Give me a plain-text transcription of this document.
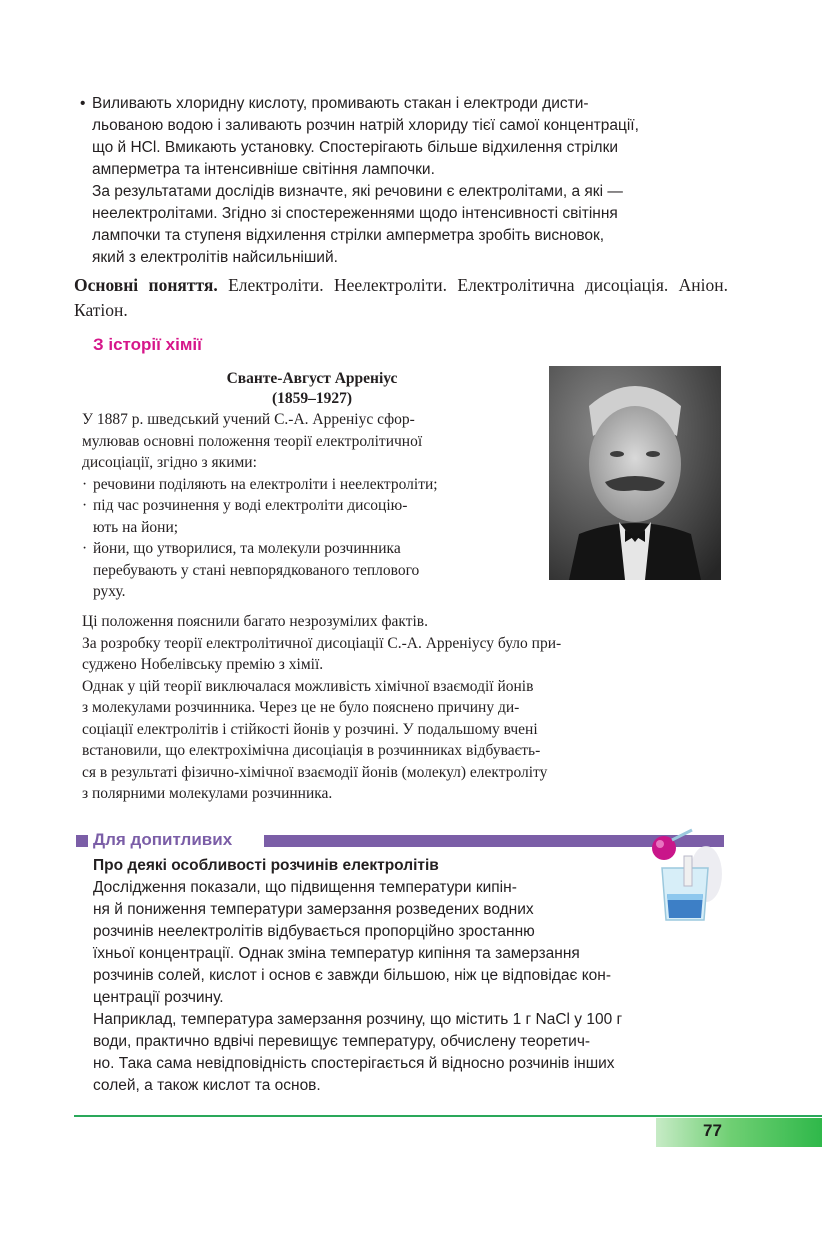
• Виливають хлоридну кислоту, промивають стакан і електроди дисти-
льованою водою і заливають розчин натрій хлориду тієї самої концентрації,
що й HCl. Вмикають установку. Спостерігають більше відхилення стрілки
амперметра та інтенсивніше світіння лампочки.
За результатами дослідів визначте, які речовини є електролітами, а які —
неелектролітами. Згідно зі спостереженнями щодо інтенсивності світіння
лампочки та ступеня відхилення стрілки амперметра зробіть висновок,
який з електролітів найсильніший.
Основні поняття. Електроліти. Неелектроліти. Електролітична дисоціація. Аніон. Катіон.
З історії хімії
Сванте-Август Арреніус
(1859–1927)
У 1887 р. шведський учений С.-А. Арреніус сфор-
мулював основні положення теорії електролітичної
дисоціації, згідно з якими:
· речовини поділяють на електроліти і неелектроліти;
· під час розчинення у воді електроліти дисоцію-
ють на йони;
· йони, що утворилися, та молекули розчинника
перебувають у стані невпорядкованого теплового
руху.
Ці положення пояснили багато незрозумілих фактів.
За розробку теорії електролітичної дисоціації С.-А. Арреніусу було при-
суджено Нобелівську премію з хімії.
Однак у цій теорії виключалася можливість хімічної взаємодії йонів
з молекулами розчинника. Через це не було пояснено причину ди-
соціації електролітів і стійкості йонів у розчині. У подальшому вчені
встановили, що електрохімічна дисоціація в розчинниках відбуваєть-
ся в результаті фізично-хімічної взаємодії йонів (молекул) електроліту
з полярними молекулами розчинника.
Для допитливих
Про деякі особливості розчинів електролітів
Дослідження показали, що підвищення температури кипін-
ня й пониження температури замерзання розведених водних
розчинів неелектролітів відбувається пропорційно зростанню
їхньої концентрації. Однак зміна температур кипіння та замерзання
розчинів солей, кислот і основ є завжди більшою, ніж це відповідає кон-
центрації розчину.
Наприклад, температура замерзання розчину, що містить 1 г NaCl у 100 г
води, практично вдвічі перевищує температуру, обчислену теоретич-
но. Така сама невідповідність спостерігається й відносно розчинів інших
солей, а також кислот та основ.
77
